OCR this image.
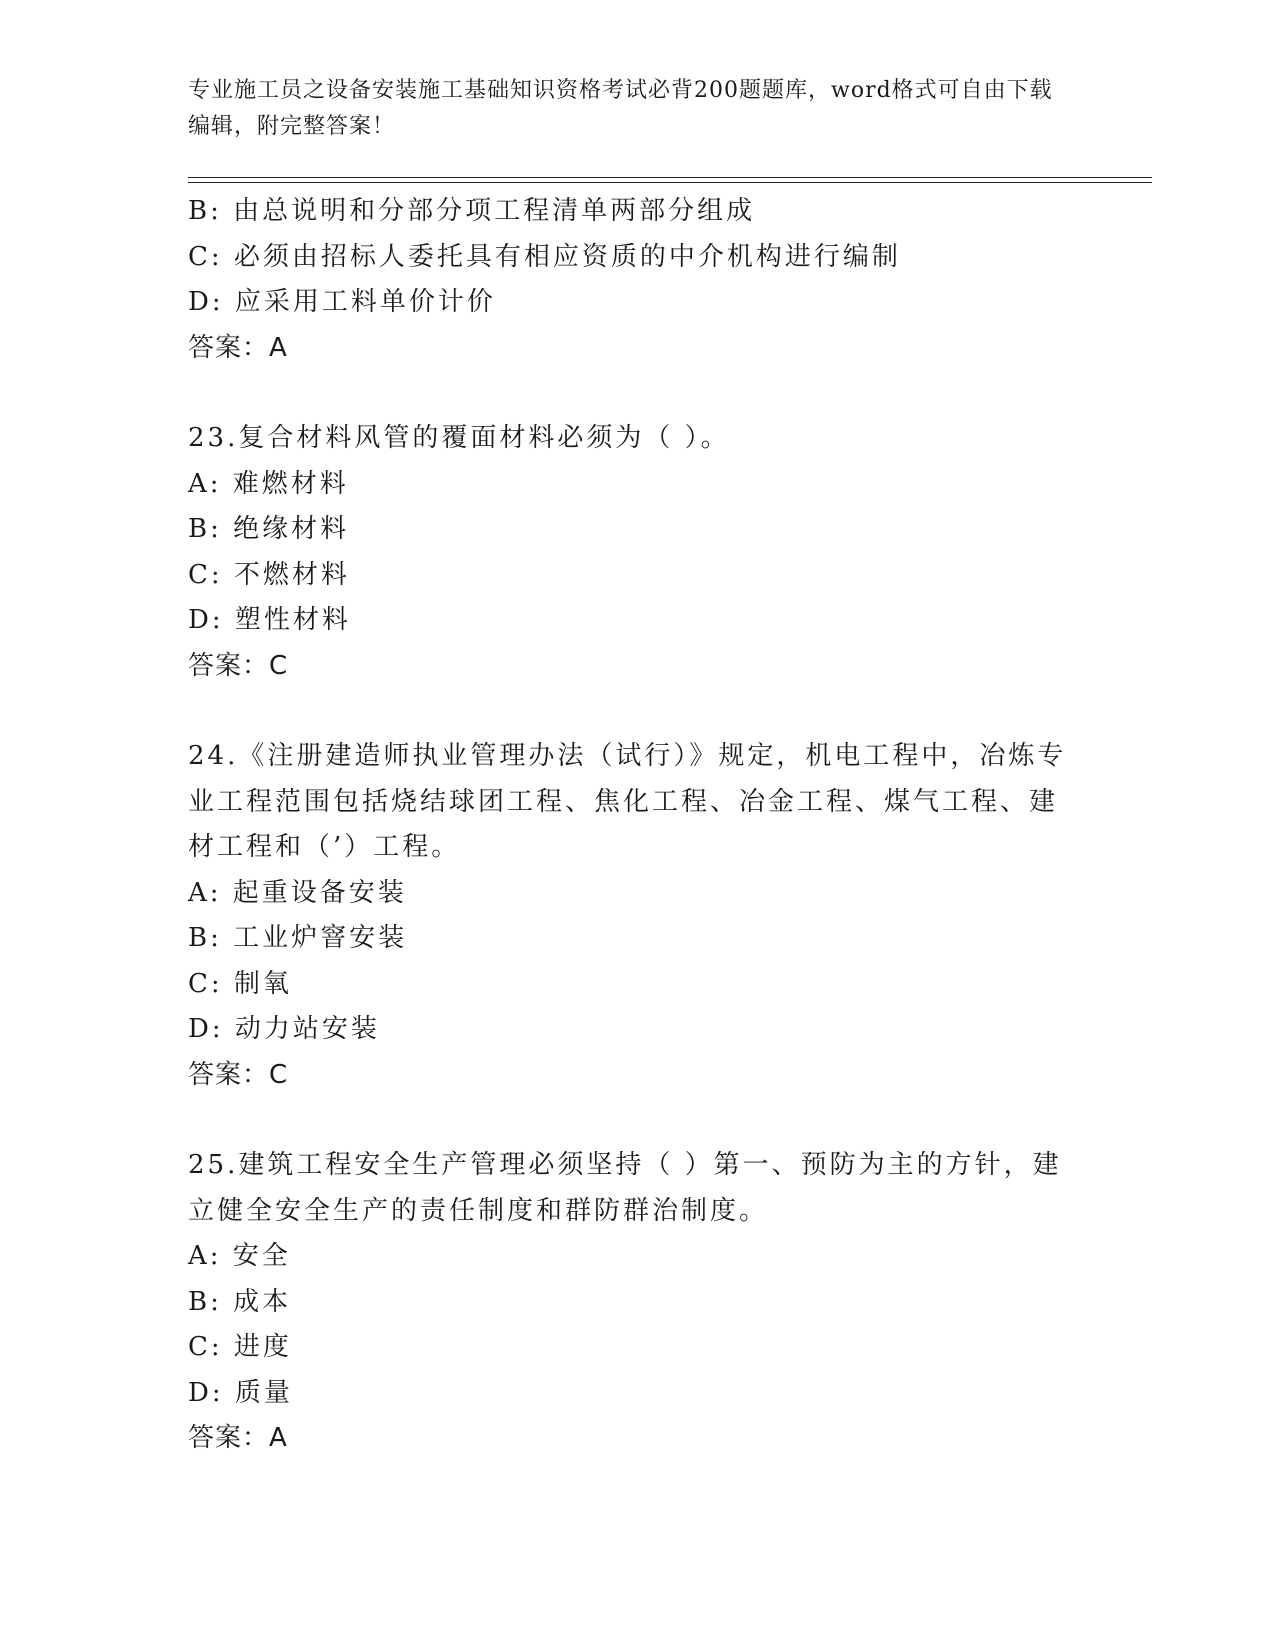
专业施工员之设备安装施工基础知识资格考试必背200题题库，word格式可自由下载编辑，附完整答案！
B: 由总说明和分部分项工程清单两部分组成
C: 必须由招标人委托具有相应资质的中介机构进行编制
D: 应采用工料单价计价
答案：A
23.复合材料风管的覆面材料必须为（ ）。
A: 难燃材料
B: 绝缘材料
C: 不燃材料
D: 塑性材料
答案：C
24.《注册建造师执业管理办法（试行）》规定，机电工程中，冶炼专业工程范围包括烧结球团工程、焦化工程、冶金工程、煤气工程、建材工程和（’）工程。
A: 起重设备安装
B: 工业炉窨安装
C: 制氧
D: 动力站安装
答案：C
25.建筑工程安全生产管理必须坚持（ ）第一、预防为主的方针，建立健全安全生产的责任制度和群防群治制度。
A: 安全
B: 成本
C: 进度
D: 质量
答案：A
